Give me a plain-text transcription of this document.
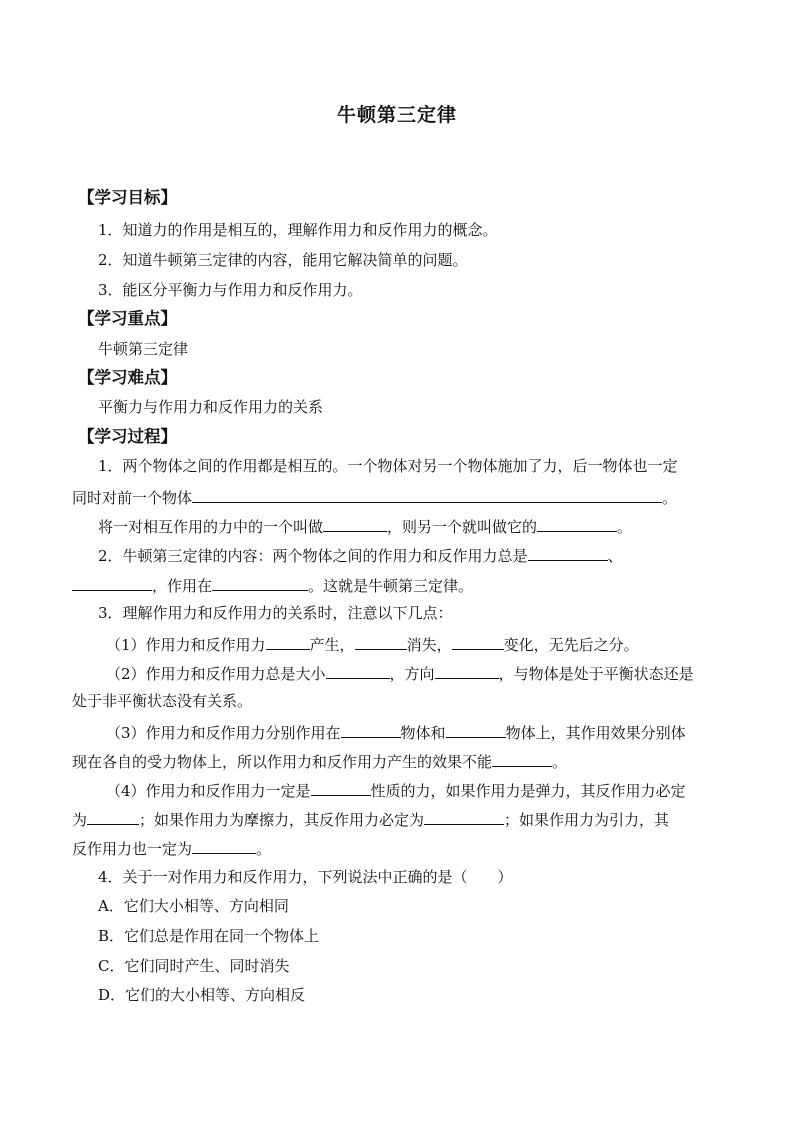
牛顿第三定律
【学习目标】
1．知道力的作用是相互的，理解作用力和反作用力的概念。
2．知道牛顿第三定律的内容，能用它解决简单的问题。
3．能区分平衡力与作用力和反作用力。
【学习重点】
牛顿第三定律
【学习难点】
平衡力与作用力和反作用力的关系
【学习过程】
1．两个物体之间的作用都是相互的。一个物体对另一个物体施加了力，后一物体也一定
同时对前一个物体	。
将一对相互作用的力中的一个叫做	，则另一个就叫做它的	。
2．牛顿第三定律的内容：两个物体之间的作用力和反作用力总是	、
，作用在	。这就是牛顿第三定律。
3．理解作用力和反作用力的关系时，注意以下几点：
（1）作用力和反作用力	产生，	消失，	变化，无先后之分。
（2）作用力和反作用力总是大小	，方向	，与物体是处于平衡状态还是
处于非平衡状态没有关系。
（3）作用力和反作用力分别作用在	物体和	物体上，其作用效果分别体
现在各自的受力物体上，所以作用力和反作用力产生的效果不能	。
（4）作用力和反作用力一定是	性质的力，如果作用力是弹力，其反作用力必定
为	；如果作用力为摩擦力，其反作用力必定为	；如果作用力为引力，其
反作用力也一定为	。
4．关于一对作用力和反作用力，下列说法中正确的是（　　）
A．它们大小相等、方向相同
B．它们总是作用在同一个物体上
C．它们同时产生、同时消失
D．它们的大小相等、方向相反
